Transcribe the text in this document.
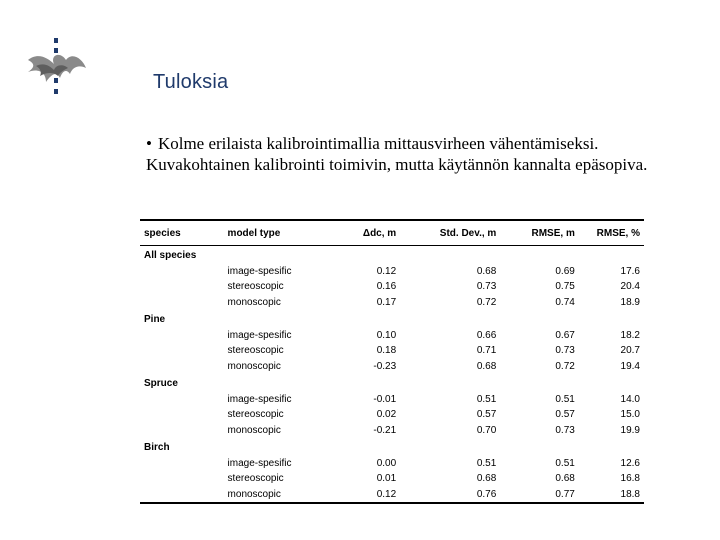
Tuloksia
• Kolme erilaista kalibrointimallia mittausvirheen vähentämiseksi. Kuvakohtainen kalibrointi toimivin, mutta käytännön kannalta epäsopiva.
species	model type	Δdc, m	Std. Dev., m	RMSE, m	RMSE, %
All species					
	image-spesific	0.12	0.68	0.69	17.6
	stereoscopic	0.16	0.73	0.75	20.4
	monoscopic	0.17	0.72	0.74	18.9
Pine					
	image-spesific	0.10	0.66	0.67	18.2
	stereoscopic	0.18	0.71	0.73	20.7
	monoscopic	-0.23	0.68	0.72	19.4
Spruce					
	image-spesific	-0.01	0.51	0.51	14.0
	stereoscopic	0.02	0.57	0.57	15.0
	monoscopic	-0.21	0.70	0.73	19.9
Birch					
	image-spesific	0.00	0.51	0.51	12.6
	stereoscopic	0.01	0.68	0.68	16.8
	monoscopic	0.12	0.76	0.77	18.8
